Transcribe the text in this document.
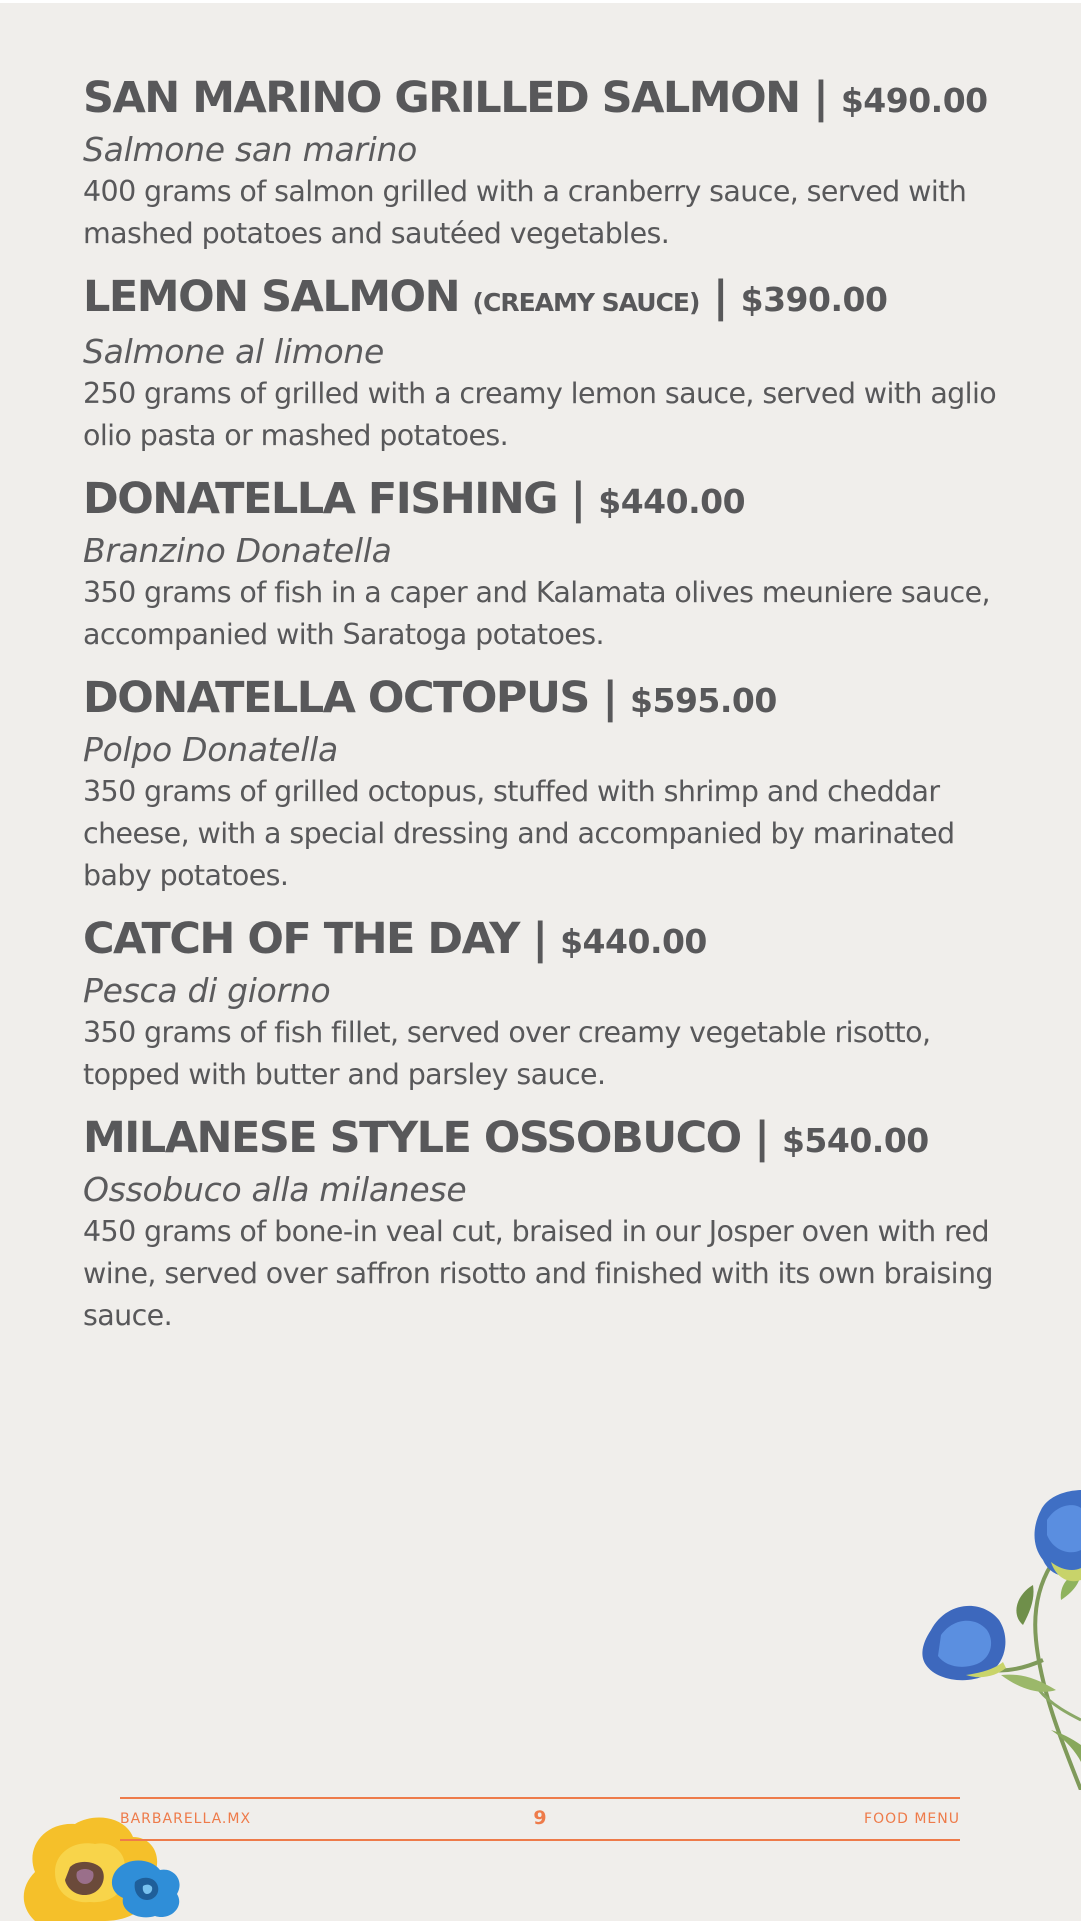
SAN MARINO GRILLED SALMON | $490.00
Salmone san marino
400 grams of salmon grilled with a cranberry sauce, served with mashed potatoes and sautéed vegetables.
LEMON SALMON (CREAMY SAUCE) | $390.00
Salmone al limone
250 grams of grilled with a creamy lemon sauce, served with aglio olio pasta or mashed potatoes.
DONATELLA FISHING | $440.00
Branzino Donatella
350 grams of fish in a caper and Kalamata olives meuniere sauce, accompanied with Saratoga potatoes.
DONATELLA OCTOPUS | $595.00
Polpo Donatella
350 grams of grilled octopus, stuffed with shrimp and cheddar cheese, with a special dressing and accompanied by marinated baby potatoes.
CATCH OF THE DAY | $440.00
Pesca di giorno
350 grams of fish fillet, served over creamy vegetable risotto, topped with butter and parsley sauce.
MILANESE STYLE OSSOBUCO | $540.00
Ossobuco alla milanese
450 grams of bone-in veal cut, braised in our Josper oven with red wine, served over saffron risotto and finished with its own braising sauce.
BARBARELLA.MX	9	FOOD MENU
